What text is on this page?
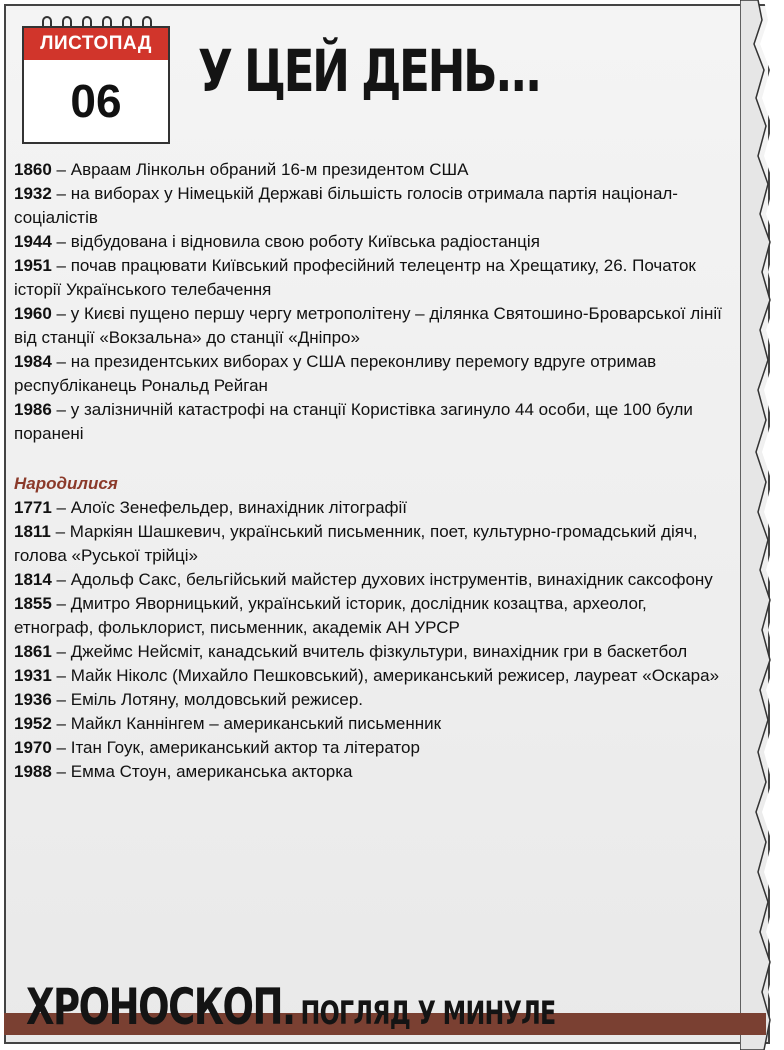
ЛИСТОПАД
06	У ЦЕЙ ДЕНЬ...

1860 – Авраам Лінкольн обраний 16-м президентом США

1932 – на виборах у Німецькій Державі більшість голосів отримала партія націонал-соціалістів

1944 – відбудована і відновила свою роботу Київська радіостанція

1951 – почав працювати Київський професійний телецентр на Хрещатику, 26. Початок історії Українського телебачення

1960 – у Києві пущено першу чергу метрополітену – ділянка Святошино-Броварської лінії від станції «Вокзальна» до станції «Дніпро»

1984 – на президентських виборах у США переконливу перемогу вдруге отримав республіканець Рональд Рейган

1986 – у залізничній катастрофі на станції Користівка загинуло 44 особи, ще 100 були поранені

Народилися

1771 – Алоїс Зенефельдер, винахідник літографії

1811 – Маркіян Шашкевич, український письменник, поет, культурно-громадський діяч, голова «Руської трійці»

1814 – Адольф Сакс, бельгійський майстер духових інструментів, винахідник саксофону

1855 – Дмитро Яворницький, український історик, дослідник козацтва, археолог, етнограф, фольклорист, письменник, академік АН УРСР

1861 – Джеймс Нейсміт, канадський вчитель фізкультури, винахідник гри в баскетбол

1931 – Майк Ніколс (Михайло Пешковський), американський режисер, лауреат «Оскара»

1936 – Еміль Лотяну, молдовський режисер.

1952 – Майкл Каннінгем – американський письменник

1970 – Ітан Гоук, американський актор та літератор

1988 – Емма Стоун, американська акторка

ХРОНОСКОП. ПОГЛЯД У МИНУЛЕ
